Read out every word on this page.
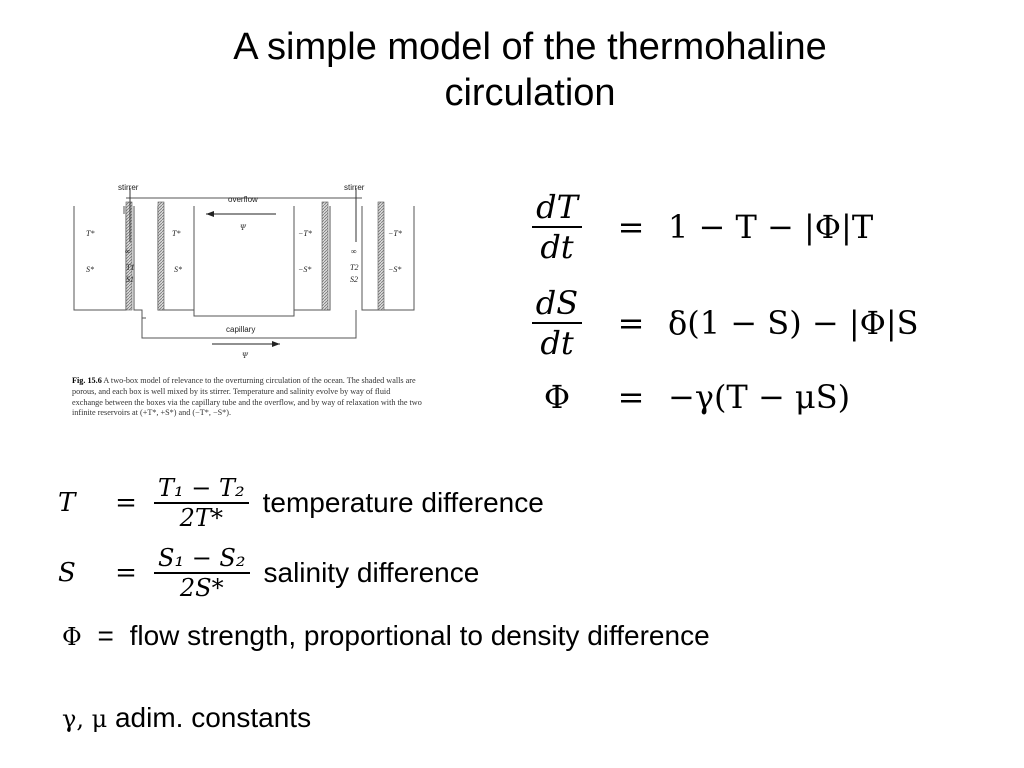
A simple model of the thermohaline
circulation
stirrer	stirrer
overflow
capillary
Ψ
Ψ
T*
S*
T*
S*
T1
S1
−T*
−S*	T2
S2
−T*
−S*
∞	∞
Fig. 15.6 A two-box model of relevance to the overturning circulation of the ocean. The shaded walls are porous, and each box is well mixed by its stirrer. Temperature and salinity evolve by way of fluid exchange between the boxes via the capillary tube and the overflow, and by way of relaxation with the two infinite reservoirs at (+T*, +S*) and (−T*, −S*).
$\frac{dT}{dt}$	= 1 − T − |Φ|T
$\frac{dS}{dt}$	= δ(1 − S) − |Φ|S
Φ	= −γ(T − μS)
T	= $\frac{\text{T₁ − T₂}}{2T*}$ temperature difference
S	= $\frac{\text{S₁ − S₂}}{2S*}$ salinity difference
Φ = flow strength, proportional to density difference
γ, μ adim. constants
